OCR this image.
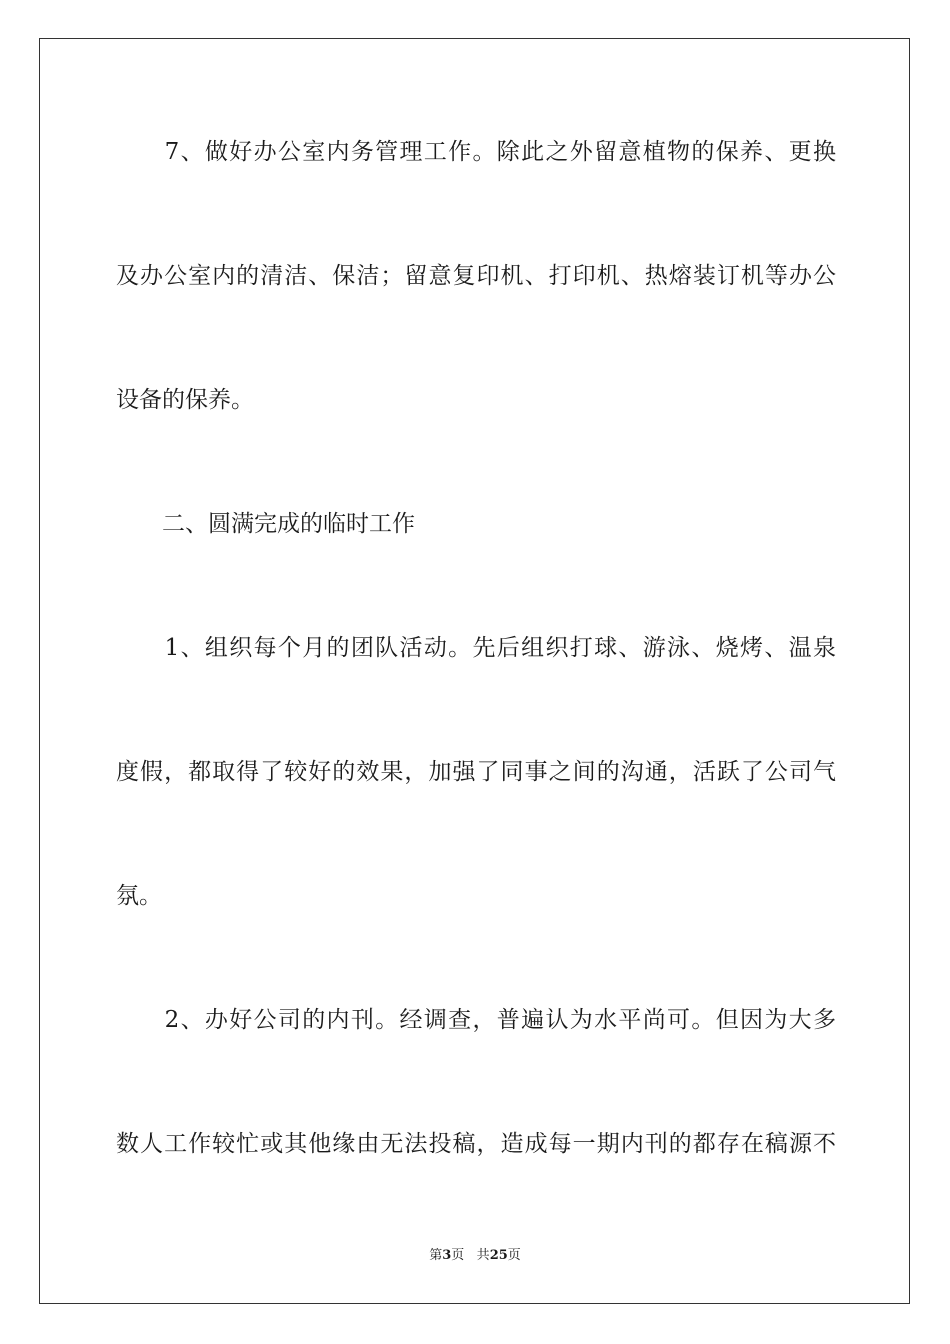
　　7、做好办公室内务管理工作。除此之外留意植物的保养、更换
及办公室内的清洁、保洁；留意复印机、打印机、热熔装订机等办公
设备的保养。
　　二、圆满完成的临时工作
　　1、组织每个月的团队活动。先后组织打球、游泳、烧烤、温泉
度假，都取得了较好的效果，加强了同事之间的沟通，活跃了公司气
氛。
　　2、办好公司的内刊。经调查，普遍认为水平尚可。但因为大多
数人工作较忙或其他缘由无法投稿，造成每一期内刊的都存在稿源不
第3页 共25页
